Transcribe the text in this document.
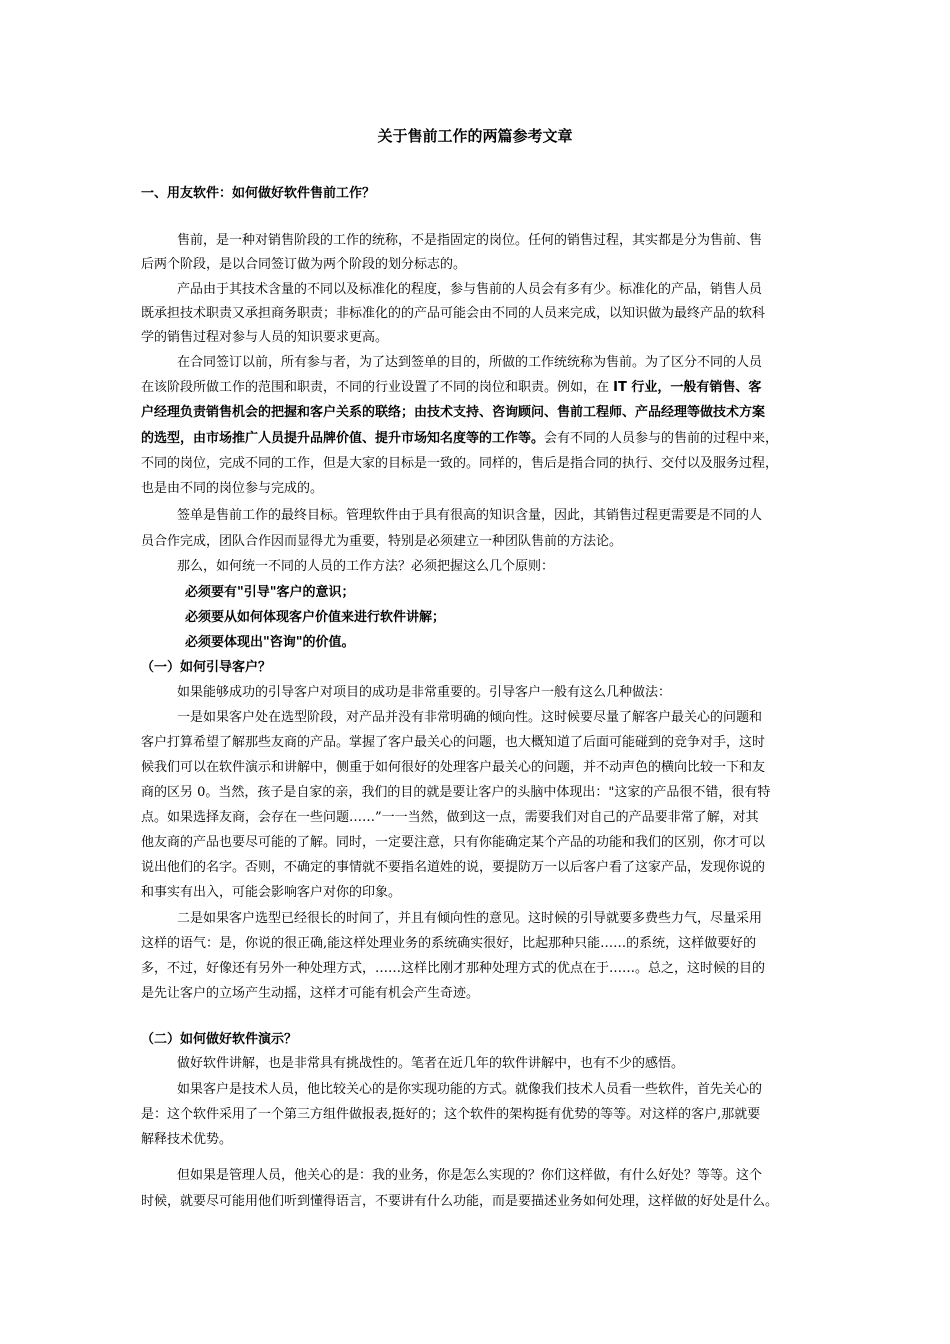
关于售前工作的两篇参考文章
一、用友软件：如何做好软件售前工作？
售前，是一种对销售阶段的工作的统称，不是指固定的岗位。任何的销售过程，其实都是分为售前、售
后两个阶段，是以合同签订做为两个阶段的划分标志的。
产品由于其技术含量的不同以及标准化的程度，参与售前的人员会有多有少。标准化的产品，销售人员
既承担技术职责又承担商务职责；非标准化的的产品可能会由不同的人员来完成，以知识做为最终产品的软科
学的销售过程对参与人员的知识要求更高。
在合同签订以前，所有参与者，为了达到签单的目的，所做的工作统统称为售前。为了区分不同的人员
在该阶段所做工作的范围和职责，不同的行业设置了不同的岗位和职责。例如，在 IT 行业，一般有销售、客
户经理负责销售机会的把握和客户关系的联络；由技术支持、咨询顾问、售前工程师、产品经理等做技术方案
的选型，由市场推广人员提升品牌价值、提升市场知名度等的工作等。会有不同的人员参与的售前的过程中来，
不同的岗位，完成不同的工作，但是大家的目标是一致的。同样的，售后是指合同的执行、交付以及服务过程，
也是由不同的岗位参与完成的。
签单是售前工作的最终目标。管理软件由于具有很高的知识含量，因此，其销售过程更需要是不同的人
员合作完成，团队合作因而显得尤为重要，特别是必须建立一种团队售前的方法论。
那么，如何统一不同的人员的工作方法？必须把握这么几个原则：
必须要有"引导"客户的意识；
必须要从如何体现客户价值来进行软件讲解；
必须要体现出"咨询"的价值。
（一）如何引导客户？
如果能够成功的引导客户对项目的成功是非常重要的。引导客户一般有这么几种做法：
一是如果客户处在选型阶段，对产品并没有非常明确的倾向性。这时候要尽量了解客户最关心的问题和
客户打算希望了解那些友商的产品。掌握了客户最关心的问题，也大概知道了后面可能碰到的竞争对手，这时
候我们可以在软件演示和讲解中，侧重于如何很好的处理客户最关心的问题，并不动声色的横向比较一下和友
商的区另 0。当然，孩子是自家的亲，我们的目的就是要让客户的头脑中体现出："这家的产品很不错，很有特
点。如果选择友商，会存在一些问题……”一一当然，做到这一点，需要我们对自己的产品要非常了解，对其
他友商的产品也要尽可能的了解。同时，一定要注意，只有你能确定某个产品的功能和我们的区别，你才可以
说出他们的名字。否则，不确定的事情就不要指名道姓的说，要提防万一以后客户看了这家产品，发现你说的
和事实有出入，可能会影响客户对你的印象。
二是如果客户选型已经很长的时间了，并且有倾向性的意见。这时候的引导就要多费些力气，尽量采用
这样的语气：是，你说的很正确,能这样处理业务的系统确实很好，比起那种只能……的系统，这样做要好的
多，不过，好像还有另外一种处理方式，……这样比刚才那种处理方式的优点在于……。总之，这时候的目的
是先让客户的立场产生动摇，这样才可能有机会产生奇迹。
（二）如何做好软件演示？
做好软件讲解，也是非常具有挑战性的。笔者在近几年的软件讲解中，也有不少的感悟。
如果客户是技术人员，他比较关心的是你实现功能的方式。就像我们技术人员看一些软件，首先关心的
是：这个软件采用了一个第三方组件做报表,挺好的；这个软件的架构挺有优势的等等。对这样的客户,那就要
解释技术优势。
但如果是管理人员，他关心的是：我的业务，你是怎么实现的？你们这样做，有什么好处？等等。这个
时候，就要尽可能用他们听到懂得语言，不要讲有什么功能，而是要描述业务如何处理，这样做的好处是什么。
